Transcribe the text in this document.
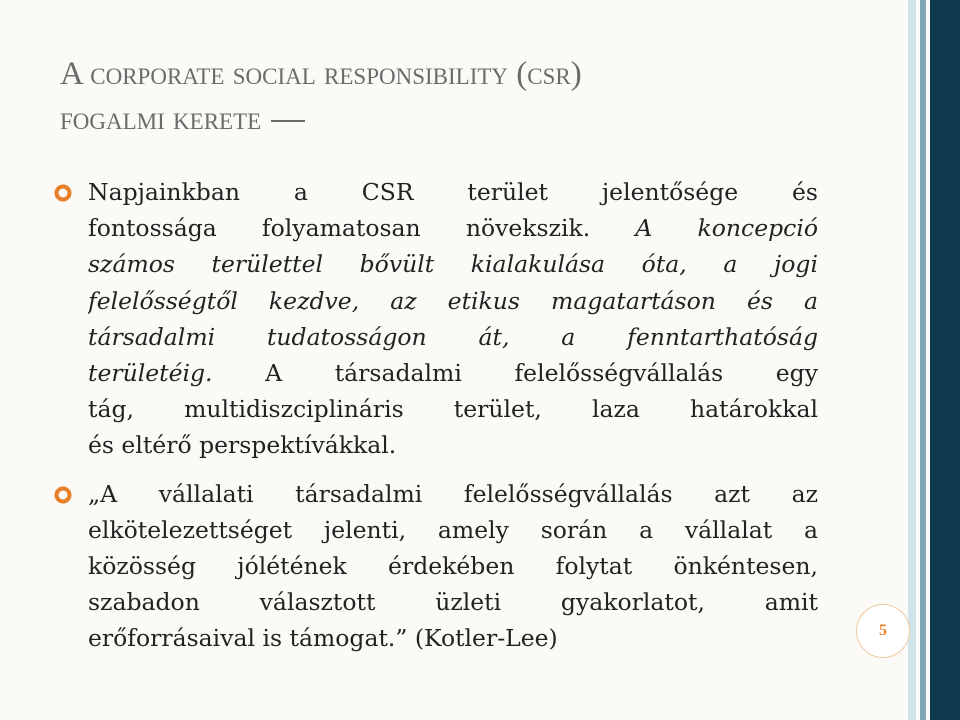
A corporate social responsibility (csr)
fogalmi kerete
Napjainkban a CSR terület jelentősége és
fontossága folyamatosan növekszik. A koncepció
számos területtel bővült kialakulása óta, a jogi
felelősségtől kezdve, az etikus magatartáson és a
társadalmi tudatosságon át, a fenntarthatóság
területéig. A társadalmi felelősségvállalás egy
tág, multidiszciplináris terület, laza határokkal
és eltérő perspektívákkal.
„A vállalati társadalmi felelősségvállalás azt az
elkötelezettséget jelenti, amely során a vállalat a
közösség jólétének érdekében folytat önkéntesen,
szabadon választott üzleti gyakorlatot, amit
erőforrásaival is támogat.” (Kotler-Lee)	5
